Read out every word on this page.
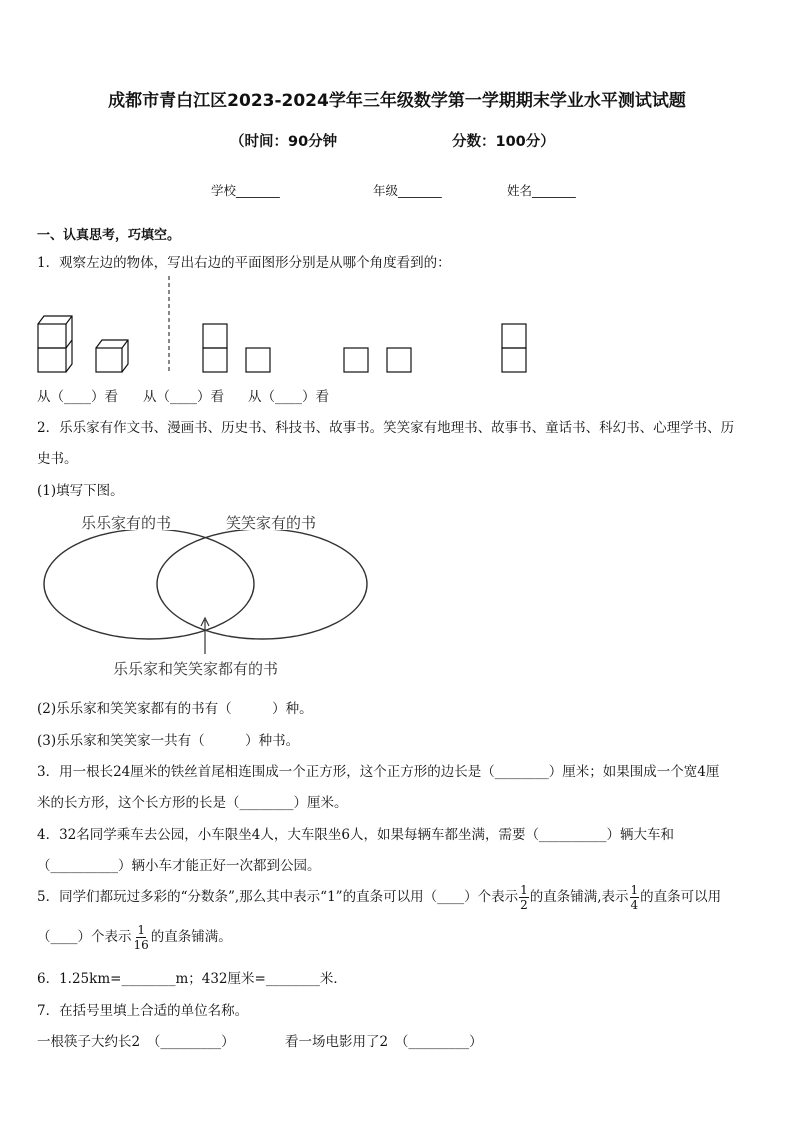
成都市青白江区2023-2024学年三年级数学第一学期期末学业水平测试试题
（时间：90分钟	分数：100分）
学校_______	年级_______	姓名_______
一、认真思考，巧填空。
1．观察左边的物体，写出右边的平面图形分别是从哪个角度看到的：
从（____）看 从（____）看 从（____）看
2．乐乐家有作文书、漫画书、历史书、科技书、故事书。笑笑家有地理书、故事书、童话书、科幻书、心理学书、历
史书。
(1)填写下图。
乐乐家有的书	笑笑家有的书
乐乐家和笑笑家都有的书
(2)乐乐家和笑笑家都有的书有（　　　）种。
(3)乐乐家和笑笑家一共有（　　　）种书。
3．用一根长24厘米的铁丝首尾相连围成一个正方形，这个正方形的边长是（________）厘米；如果围成一个宽4厘
米的长方形，这个长方形的长是（________）厘米。
4．32名同学乘车去公园，小车限坐4人，大车限坐6人，如果每辆车都坐满，需要（__________）辆大车和
（__________）辆小车才能正好一次都到公园。
5．同学们都玩过多彩的“分数条”,那么其中表示“1”的直条可以用（____）个表示 $\frac{1}{2}$ 的直条铺满,表示 $\frac{1}{4}$ 的直条可以用
（____）个表示 $\frac{1}{16}$ 的直条铺满。
6．1.25km=________m；432厘米=________米．
7．在括号里填上合适的单位名称。
一根筷子大约长2　（_________）	看一场电影用了2　（_________）
